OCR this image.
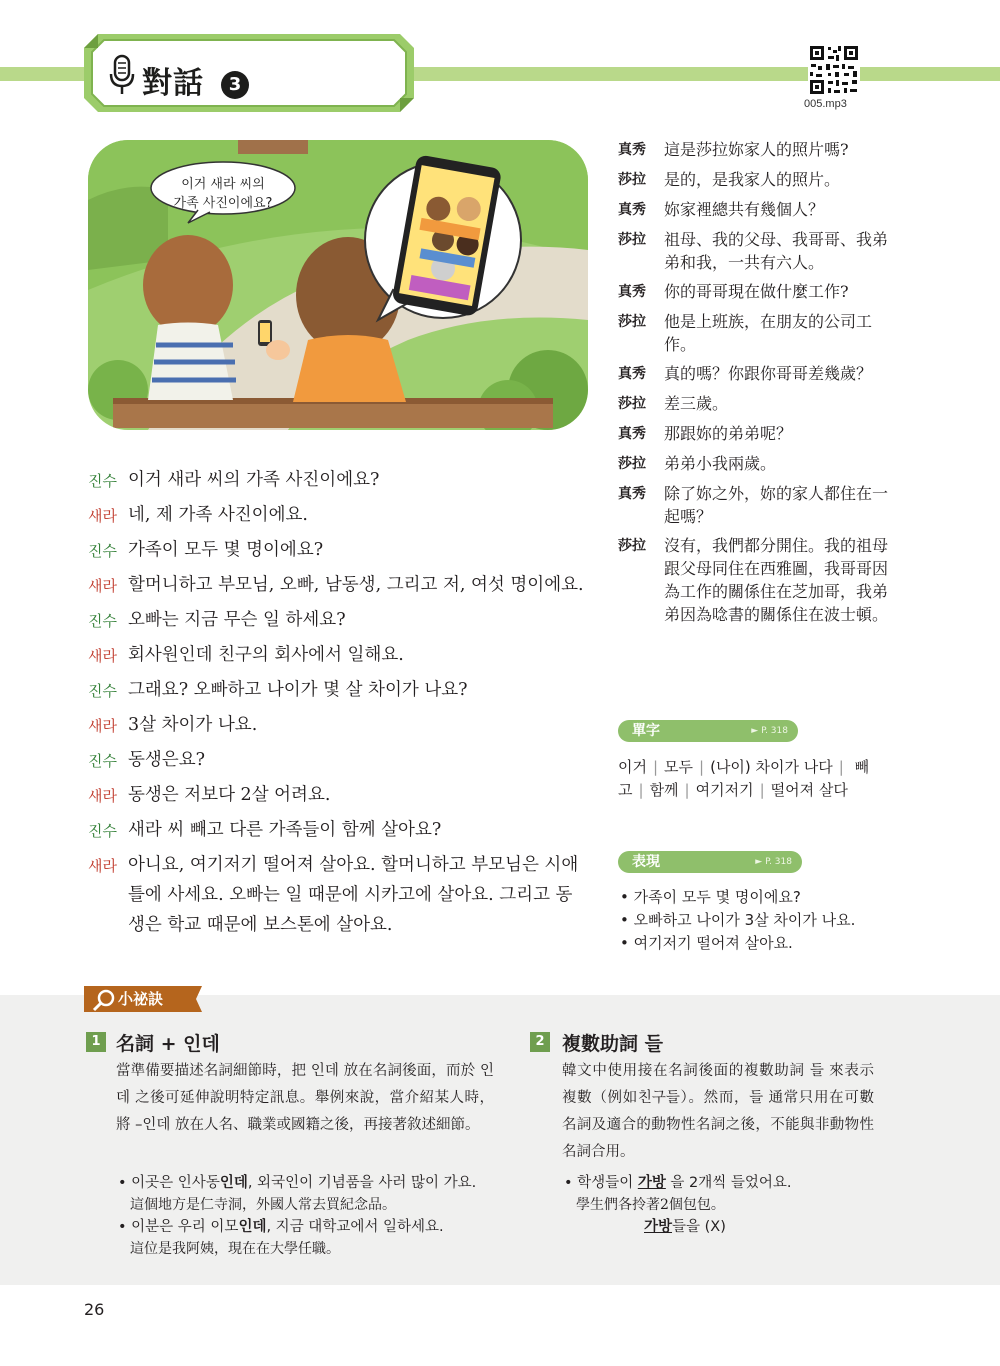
對話 3
005.mp3
이거 새라 씨의
가족 사진이에요?
진수 이거 새라 씨의 가족 사진이에요?
새라 네, 제 가족 사진이에요.
진수 가족이 모두 몇 명이에요?
새라 할머니하고 부모님, 오빠, 남동생, 그리고 저, 여섯 명이에요.
진수 오빠는 지금 무슨 일 하세요?
새라 회사원인데 친구의 회사에서 일해요.
진수 그래요? 오빠하고 나이가 몇 살 차이가 나요?
새라 3살 차이가 나요.
진수 동생은요?
새라 동생은 저보다 2살 어려요.
진수 새라 씨 빼고 다른 가족들이 함께 살아요?
새라 아니요, 여기저기 떨어져 살아요. 할머니하고 부모님은 시애틀에 사세요. 오빠는 일 때문에 시카고에 살아요. 그리고 동생은 학교 때문에 보스톤에 살아요.
真秀	這是莎拉妳家人的照片嗎?
莎拉	是的，是我家人的照片。
真秀	妳家裡總共有幾個人？
莎拉	祖母、我的父母、我哥哥、我弟弟和我，一共有六人。
真秀	你的哥哥現在做什麼工作?
莎拉	他是上班族，在朋友的公司工作。
真秀	真的嗎？你跟你哥哥差幾歲？
莎拉	差三歲。
真秀	那跟妳的弟弟呢？
莎拉	弟弟小我兩歲。
真秀	除了妳之外，妳的家人都住在一起嗎？
莎拉	沒有，我們都分開住。我的祖母跟父母同住在西雅圖，我哥哥因為工作的關係住在芝加哥，我弟弟因為唸書的關係住在波士頓。
單字	► P. 318
이거 | 모두 | (나이) 차이가 나다 | 빼고 | 함께 | 여기저기 | 떨어져 살다
表現	► P. 318
• 가족이 모두 몇 명이에요?
• 오빠하고 나이가 3살 차이가 나요.
• 여기저기 떨어져 살아요.
小祕訣
1 名詞 + 인데
當準備要描述名詞細節時，把 인데 放在名詞後面，而於 인데 之後可延伸說明特定訊息。舉例來說，當介紹某人時，將 –인데 放在人名、職業或國籍之後，再接著敘述細節。
• 이곳은 인사동인데, 외국인이 기념품을 사러 많이 가요.
這個地方是仁寺洞，外國人常去買紀念品。
• 이분은 우리 이모인데, 지금 대학교에서 일하세요.
這位是我阿姨，現在在大學任職。
2 複數助詞 들
韓文中使用接在名詞後面的複數助詞 들 來表示複數（例如친구들）。然而，들 通常只用在可數名詞及適合的動物性名詞之後，不能與非動物性名詞合用。
• 학생들이 가방 을 2개씩 들었어요.
學生們各拎著2個包包。
가방들을 (X)
26
